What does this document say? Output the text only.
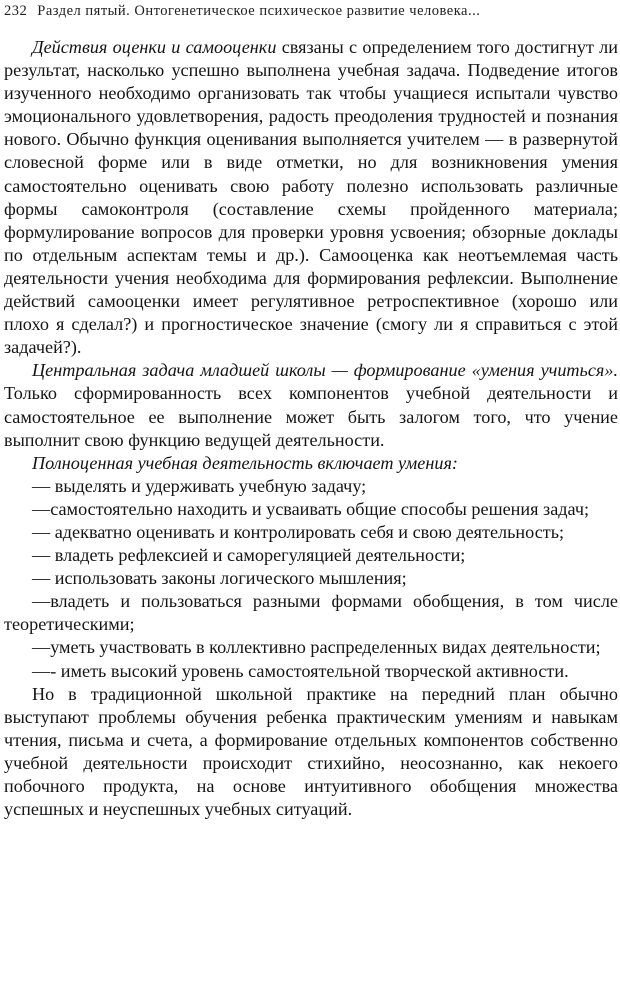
232 Раздел пятый. Онтогенетическое психическое развитие человека...

Действия оценки и самооценки связаны с определением того достигнут ли результат, насколько успешно выполнена учебная задача. Подведение итогов изученного необходимо организовать так чтобы учащиеся испытали чувство эмоционального удовлетворения, радость преодоления трудностей и познания нового. Обычно функция оценивания выполняется учителем — в развернутой словесной форме или в виде отметки, но для возникновения умения самостоятельно оценивать свою работу полезно использовать различные формы самоконтроля (составление схемы пройденного материала; формулирование вопросов для проверки уровня усвоения; обзорные доклады по отдельным аспектам темы и др.). Самооценка как неотъемлемая часть деятельности учения необходима для формирования рефлексии. Выполнение действий самооценки имеет регулятивное ретроспективное (хорошо или плохо я сделал?) и прогностическое значение (смогу ли я справиться с этой задачей?).

Центральная задача младшей школы — формирование «умения учиться». Только сформированность всех компонентов учебной деятельности и самостоятельное ее выполнение может быть залогом того, что учение выполнит свою функцию ведущей деятельности.

Полноценная учебная деятельность включает умения:

— выделять и удерживать учебную задачу;

—самостоятельно находить и усваивать общие способы решения задач;

— адекватно оценивать и контролировать себя и свою деятельность;

— владеть рефлексией и саморегуляцией деятельности;

— использовать законы логического мышления;

—владеть и пользоваться разными формами обобщения, в том числе теоретическими;

—уметь участвовать в коллективно распределенных видах деятельности;

—- иметь высокий уровень самостоятельной творческой активности.

Но в традиционной школьной практике на передний план обычно выступают проблемы обучения ребенка практическим умениям и навыкам чтения, письма и счета, а формирование отдельных компонентов собственно учебной деятельности происходит стихийно, неосознанно, как некоего побочного продукта, на основе интуитивного обобщения множества успешных и неуспешных учебных ситуаций.
